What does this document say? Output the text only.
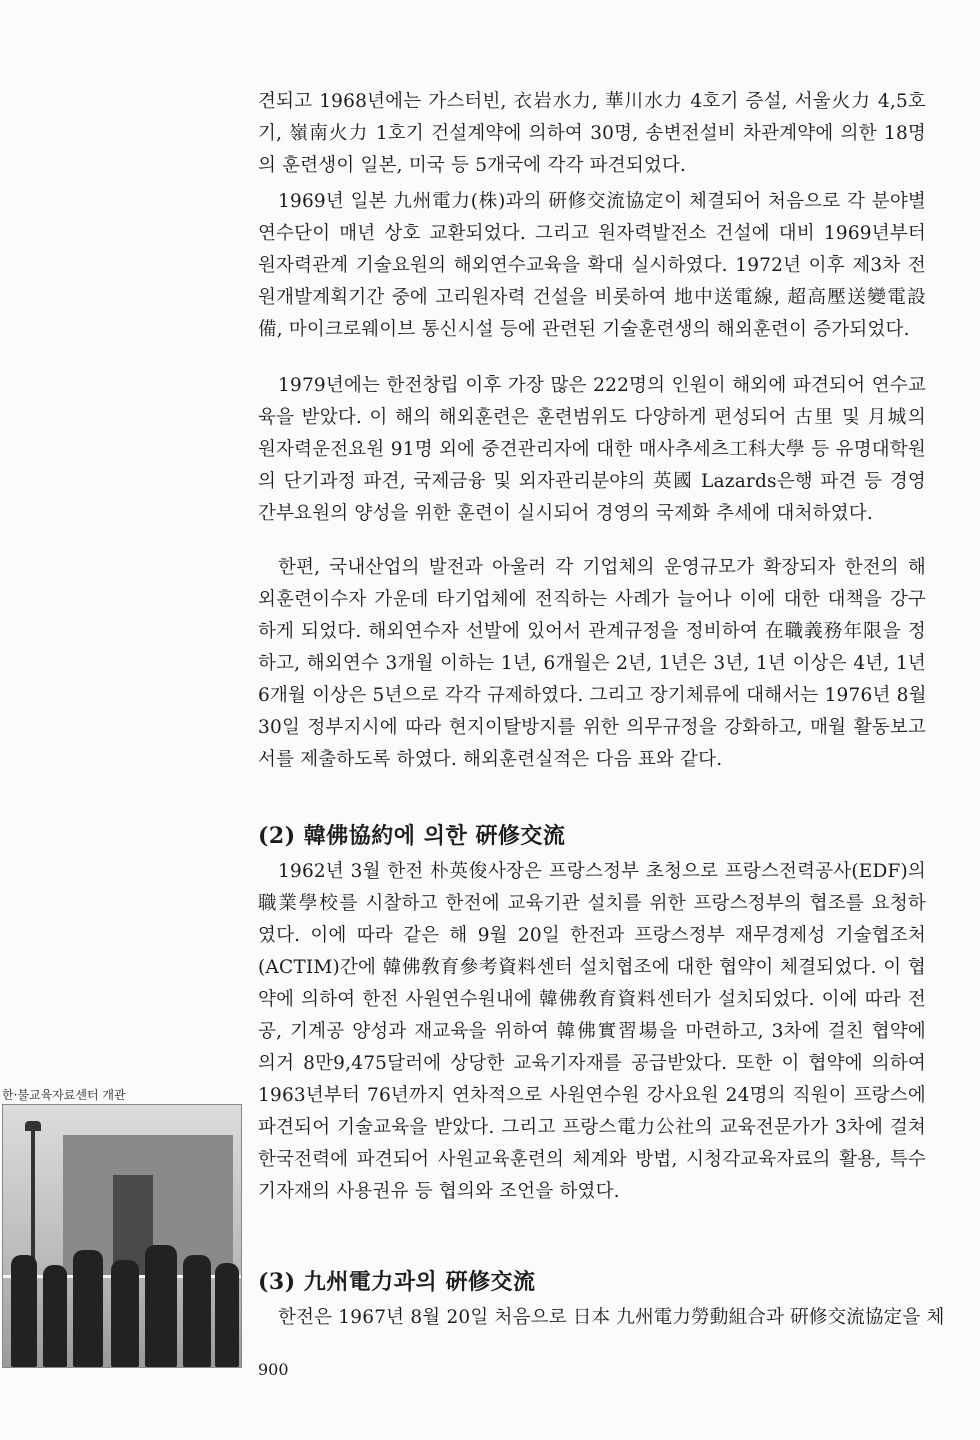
견되고 1968년에는 가스터빈, 衣岩水力, 華川水力 4호기 증설, 서울火力 4,5호
기, 嶺南火力 1호기 건설계약에 의하여 30명, 송변전설비 차관계약에 의한 18명
의 훈련생이 일본, 미국 등 5개국에 각각 파견되었다.
1969년 일본 九州電力(株)과의 硏修交流協定이 체결되어 처음으로 각 분야별
연수단이 매년 상호 교환되었다. 그리고 원자력발전소 건설에 대비 1969년부터
원자력관계 기술요원의 해외연수교육을 확대 실시하였다. 1972년 이후 제3차 전
원개발계획기간 중에 고리원자력 건설을 비롯하여 地中送電線, 超高壓送變電設
備, 마이크로웨이브 통신시설 등에 관련된 기술훈련생의 해외훈련이 증가되었다.
1979년에는 한전창립 이후 가장 많은 222명의 인원이 해외에 파견되어 연수교
육을 받았다. 이 해의 해외훈련은 훈련범위도 다양하게 편성되어 古里 및 月城의
원자력운전요원 91명 외에 중견관리자에 대한 매사추세츠工科大學 등 유명대학원
의 단기과정 파견, 국제금융 및 외자관리분야의 英國 Lazards은행 파견 등 경영
간부요원의 양성을 위한 훈련이 실시되어 경영의 국제화 추세에 대처하였다.
한편, 국내산업의 발전과 아울러 각 기업체의 운영규모가 확장되자 한전의 해
외훈련이수자 가운데 타기업체에 전직하는 사례가 늘어나 이에 대한 대책을 강구
하게 되었다. 해외연수자 선발에 있어서 관계규정을 정비하여 在職義務年限을 정
하고, 해외연수 3개월 이하는 1년, 6개월은 2년, 1년은 3년, 1년 이상은 4년, 1년
6개월 이상은 5년으로 각각 규제하였다. 그리고 장기체류에 대해서는 1976년 8월
30일 정부지시에 따라 현지이탈방지를 위한 의무규정을 강화하고, 매월 활동보고
서를 제출하도록 하였다. 해외훈련실적은 다음 표와 같다.
(2) 韓佛協約에 의한 硏修交流
1962년 3월 한전 朴英俊사장은 프랑스정부 초청으로 프랑스전력공사(EDF)의
職業學校를 시찰하고 한전에 교육기관 설치를 위한 프랑스정부의 협조를 요청하
였다. 이에 따라 같은 해 9월 20일 한전과 프랑스정부 재무경제성 기술협조처
(ACTIM)간에 韓佛敎育參考資料센터 설치협조에 대한 협약이 체결되었다. 이 협
약에 의하여 한전 사원연수원내에 韓佛敎育資料센터가 설치되었다. 이에 따라 전
공, 기계공 양성과 재교육을 위하여 韓佛實習場을 마련하고, 3차에 걸친 협약에
의거 8만9,475달러에 상당한 교육기자재를 공급받았다. 또한 이 협약에 의하여
1963년부터 76년까지 연차적으로 사원연수원 강사요원 24명의 직원이 프랑스에
파견되어 기술교육을 받았다. 그리고 프랑스電力公社의 교육전문가가 3차에 걸쳐
한국전력에 파견되어 사원교육훈련의 체계와 방법, 시청각교육자료의 활용, 특수
기자재의 사용권유 등 협의와 조언을 하였다.
(3) 九州電力과의 硏修交流
한전은 1967년 8월 20일 처음으로 日本 九州電力勞動組合과 硏修交流協定을 체
한·불교육자료센터 개관
900
